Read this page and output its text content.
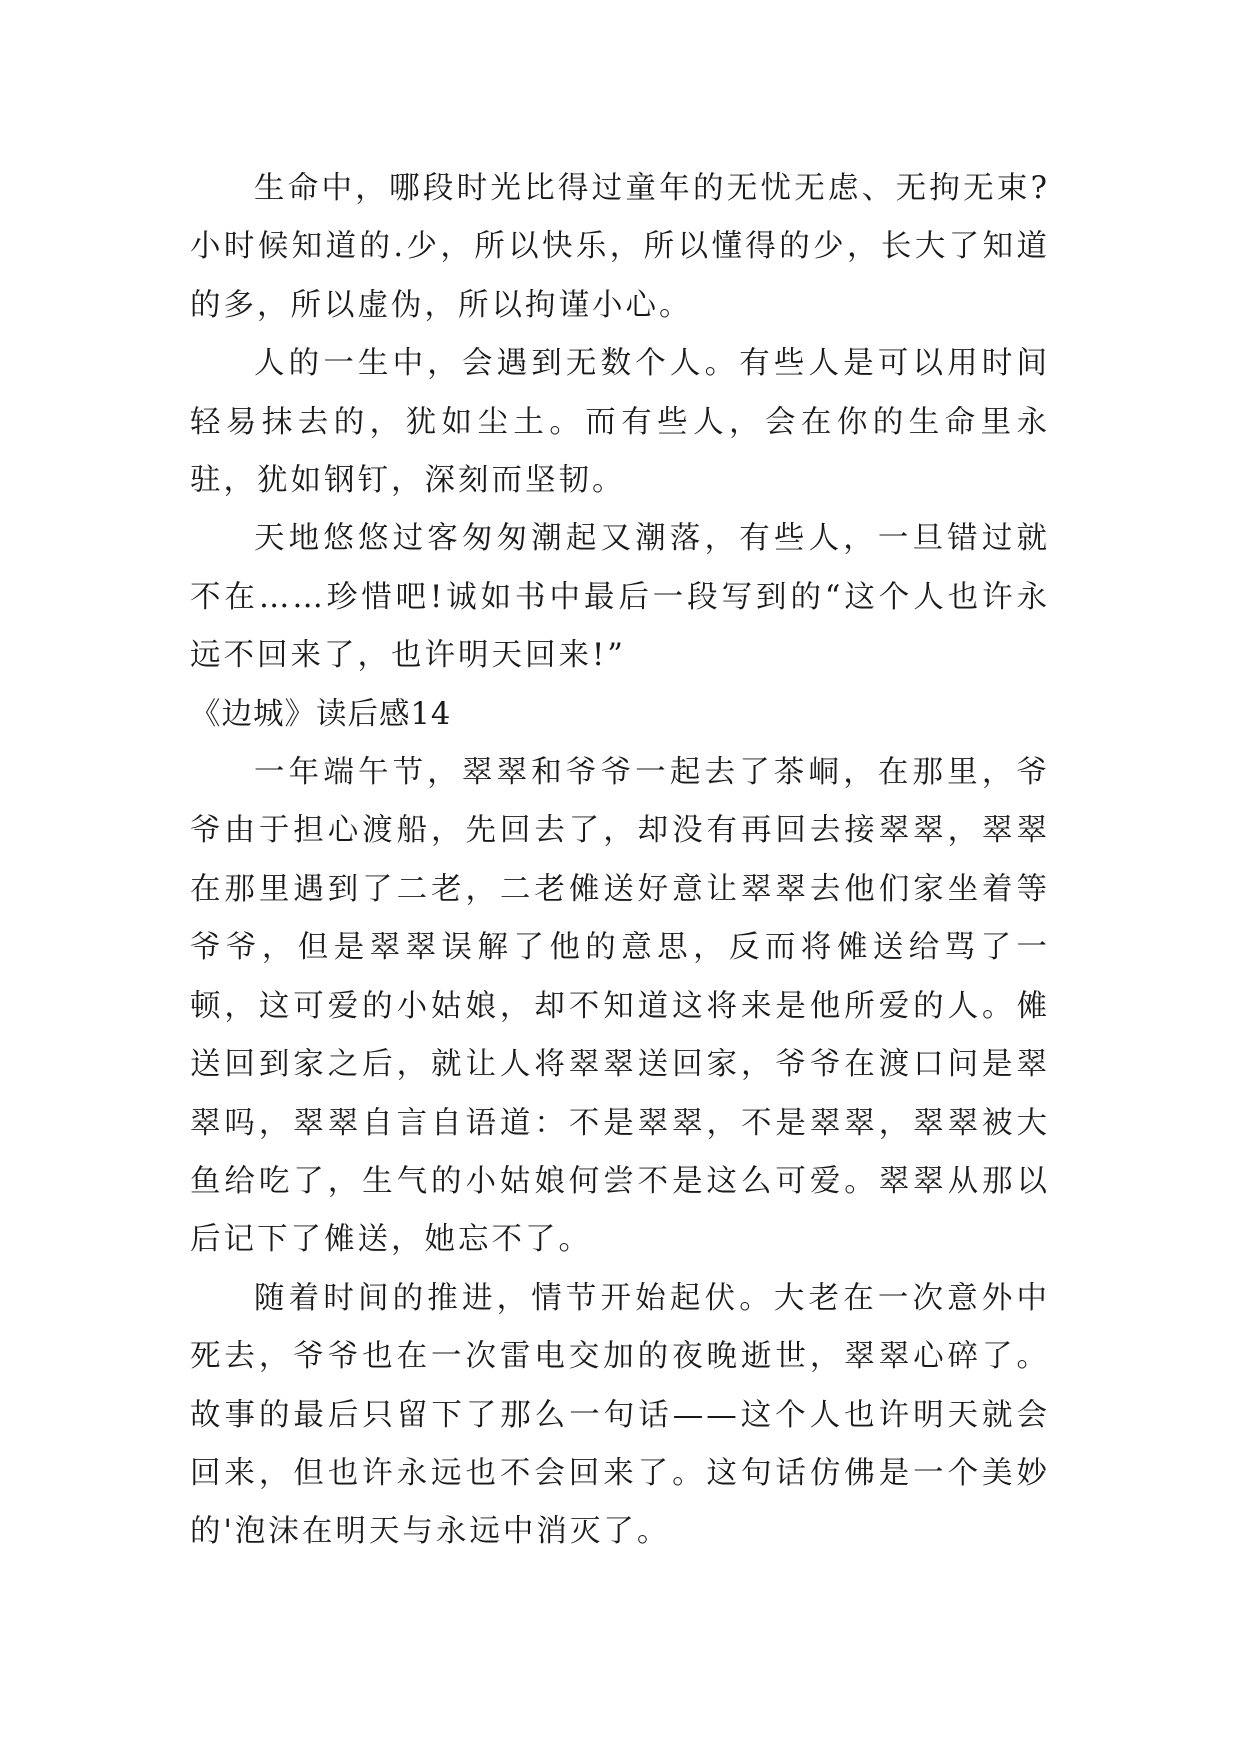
生命中，哪段时光比得过童年的无忧无虑、无拘无束?小时候知道的.少，所以快乐，所以懂得的少，长大了知道的多，所以虚伪，所以拘谨小心。

人的一生中，会遇到无数个人。有些人是可以用时间轻易抹去的，犹如尘土。而有些人，会在你的生命里永驻，犹如钢钉，深刻而坚韧。

天地悠悠过客匆匆潮起又潮落，有些人，一旦错过就不在……珍惜吧!诚如书中最后一段写到的“这个人也许永远不回来了，也许明天回来!”

《边城》读后感14

一年端午节，翠翠和爷爷一起去了茶峒，在那里，爷爷由于担心渡船，先回去了，却没有再回去接翠翠，翠翠在那里遇到了二老，二老傩送好意让翠翠去他们家坐着等爷爷，但是翠翠误解了他的意思，反而将傩送给骂了一顿，这可爱的小姑娘，却不知道这将来是他所爱的人。傩送回到家之后，就让人将翠翠送回家，爷爷在渡口问是翠翠吗，翠翠自言自语道：不是翠翠，不是翠翠，翠翠被大鱼给吃了，生气的小姑娘何尝不是这么可爱。翠翠从那以后记下了傩送，她忘不了。

随着时间的推进，情节开始起伏。大老在一次意外中死去，爷爷也在一次雷电交加的夜晚逝世，翠翠心碎了。故事的最后只留下了那么一句话——这个人也许明天就会回来，但也许永远也不会回来了。这句话仿佛是一个美妙的'泡沫在明天与永远中消灭了。
